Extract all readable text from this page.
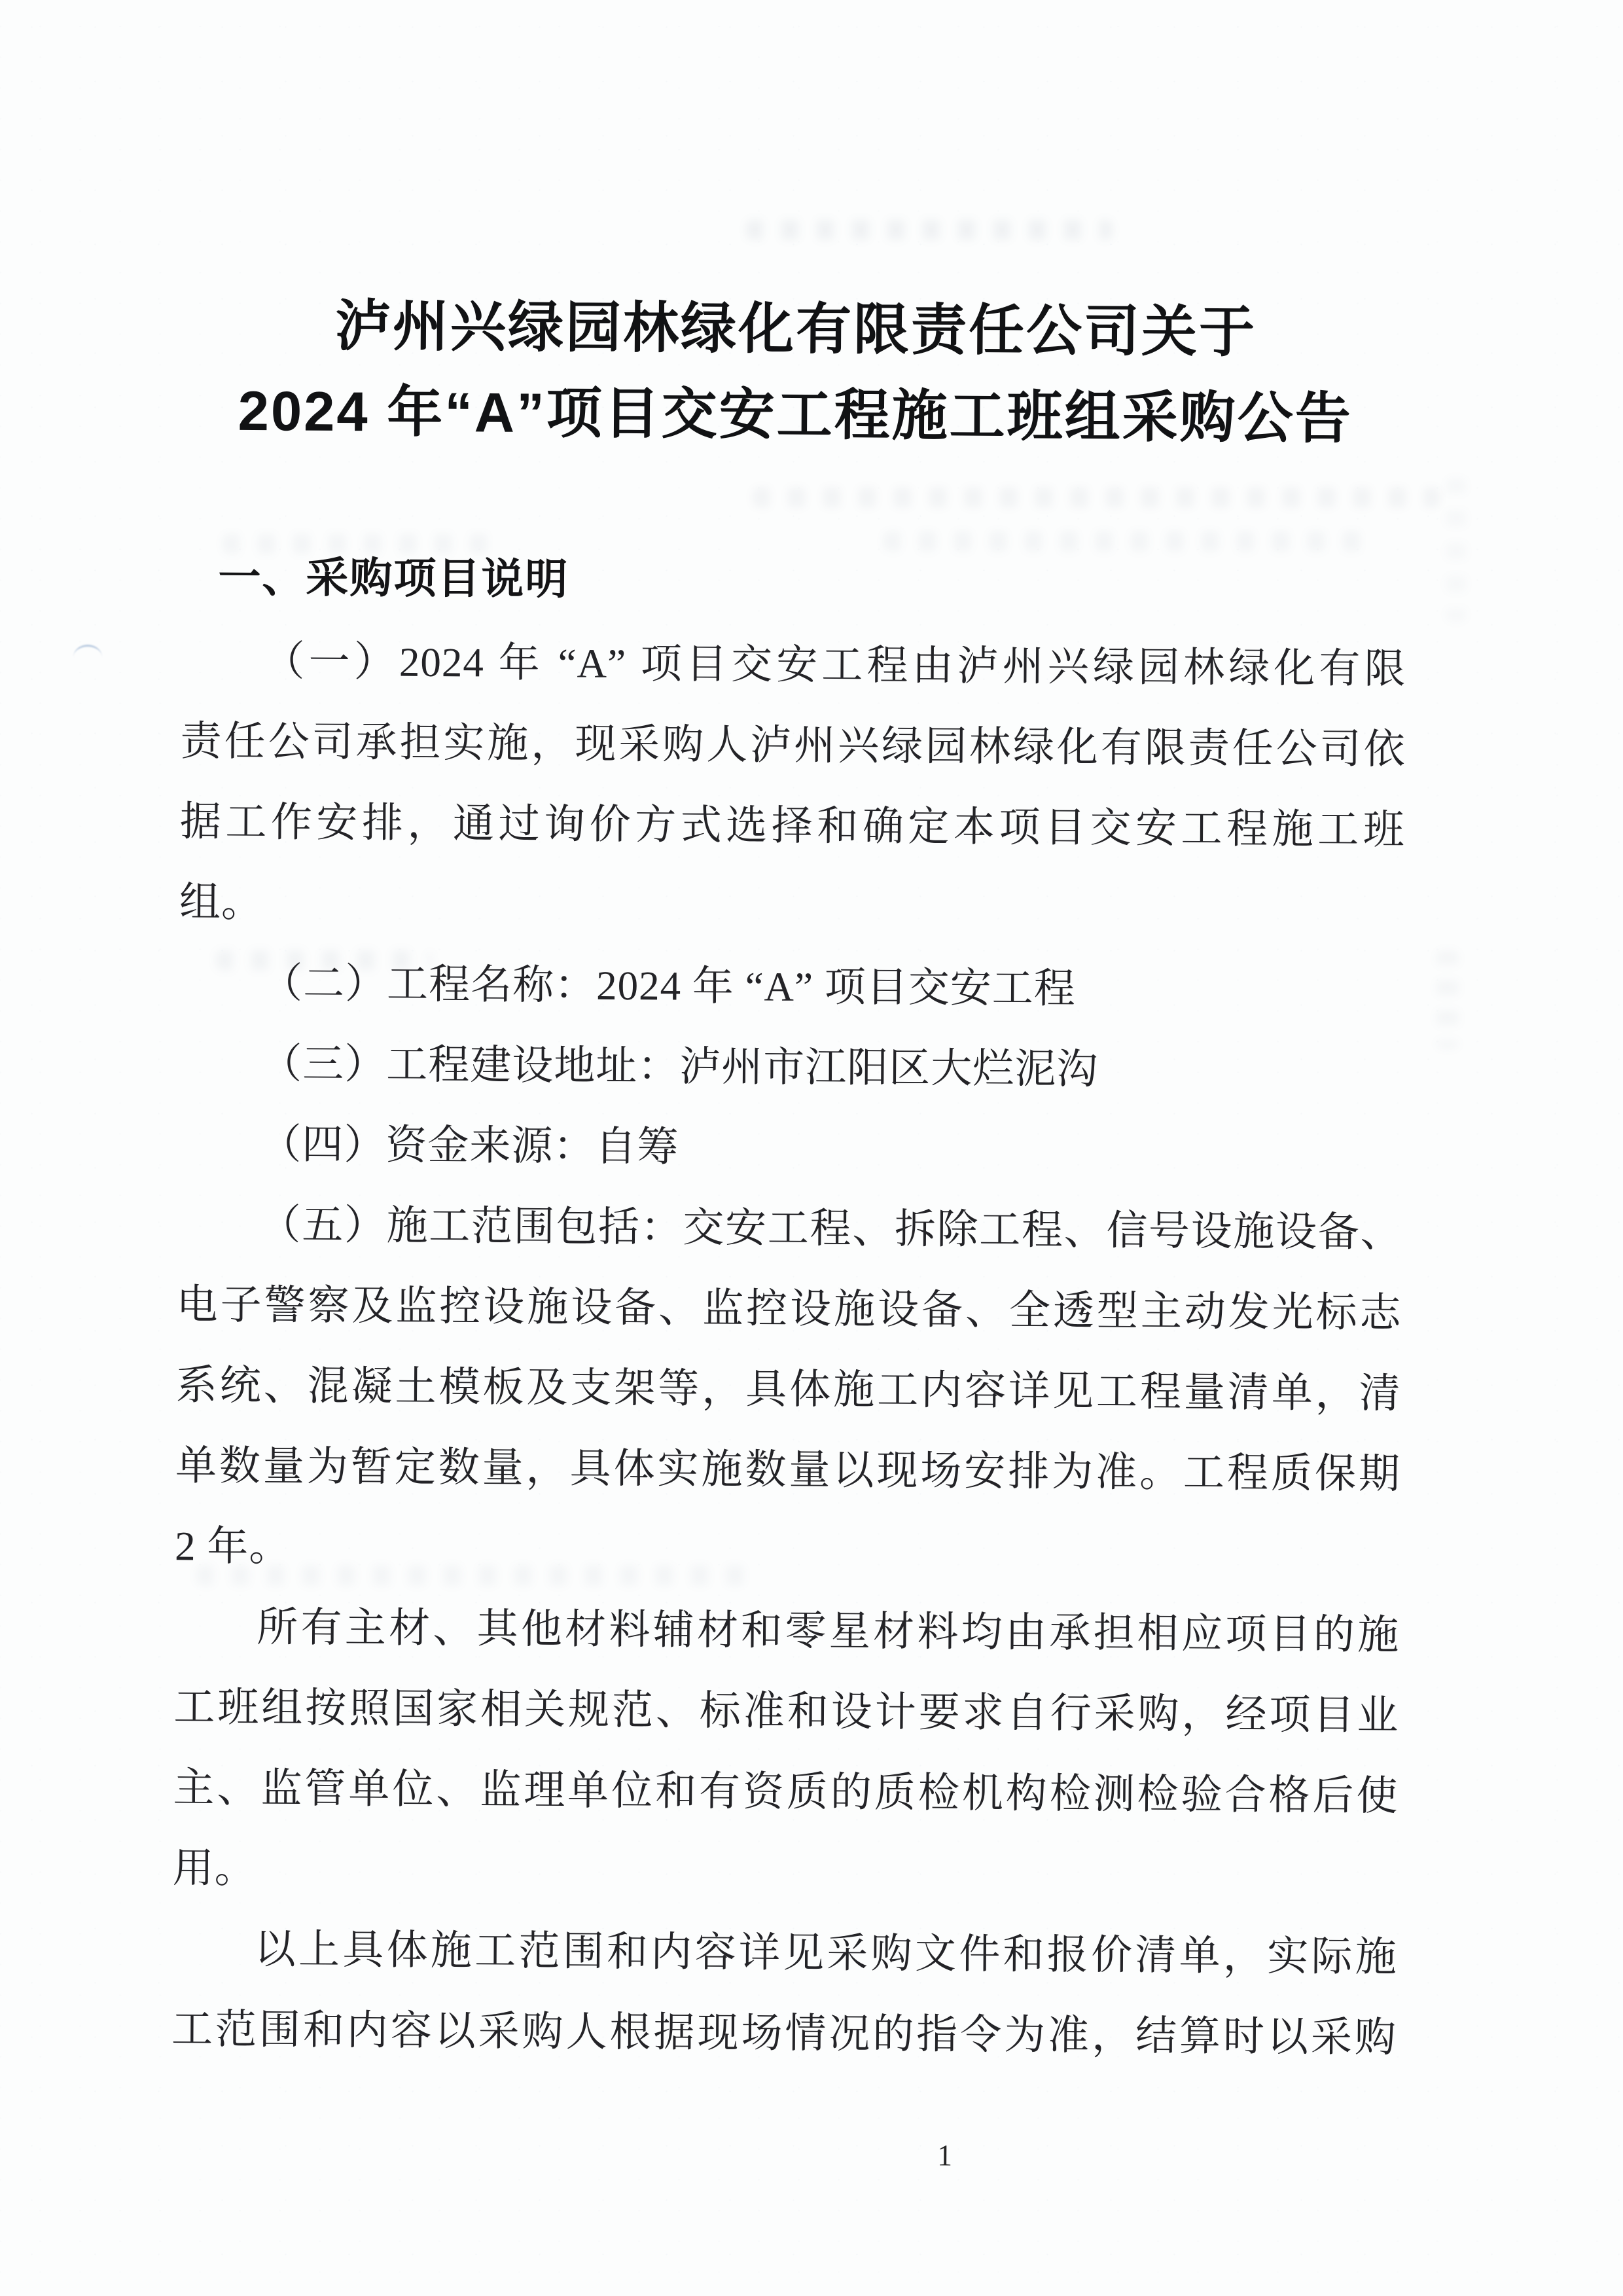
泸州兴绿园林绿化有限责任公司关于
2024 年“A”项目交安工程施工班组采购公告
一、采购项目说明
（一）2024 年 “A” 项目交安工程由泸州兴绿园林绿化有限
责任公司承担实施，现采购人泸州兴绿园林绿化有限责任公司依
据工作安排，通过询价方式选择和确定本项目交安工程施工班
组。
（二）工程名称：2024 年 “A” 项目交安工程
（三）工程建设地址：泸州市江阳区大烂泥沟
（四）资金来源：自筹
（五）施工范围包括：交安工程、拆除工程、信号设施设备、
电子警察及监控设施设备、监控设施设备、全透型主动发光标志
系统、混凝土模板及支架等，具体施工内容详见工程量清单，清
单数量为暂定数量，具体实施数量以现场安排为准。工程质保期
2 年。
所有主材、其他材料辅材和零星材料均由承担相应项目的施
工班组按照国家相关规范、标准和设计要求自行采购，经项目业
主、监管单位、监理单位和有资质的质检机构检测检验合格后使
用。
以上具体施工范围和内容详见采购文件和报价清单，实际施
工范围和内容以采购人根据现场情况的指令为准，结算时以采购
1
